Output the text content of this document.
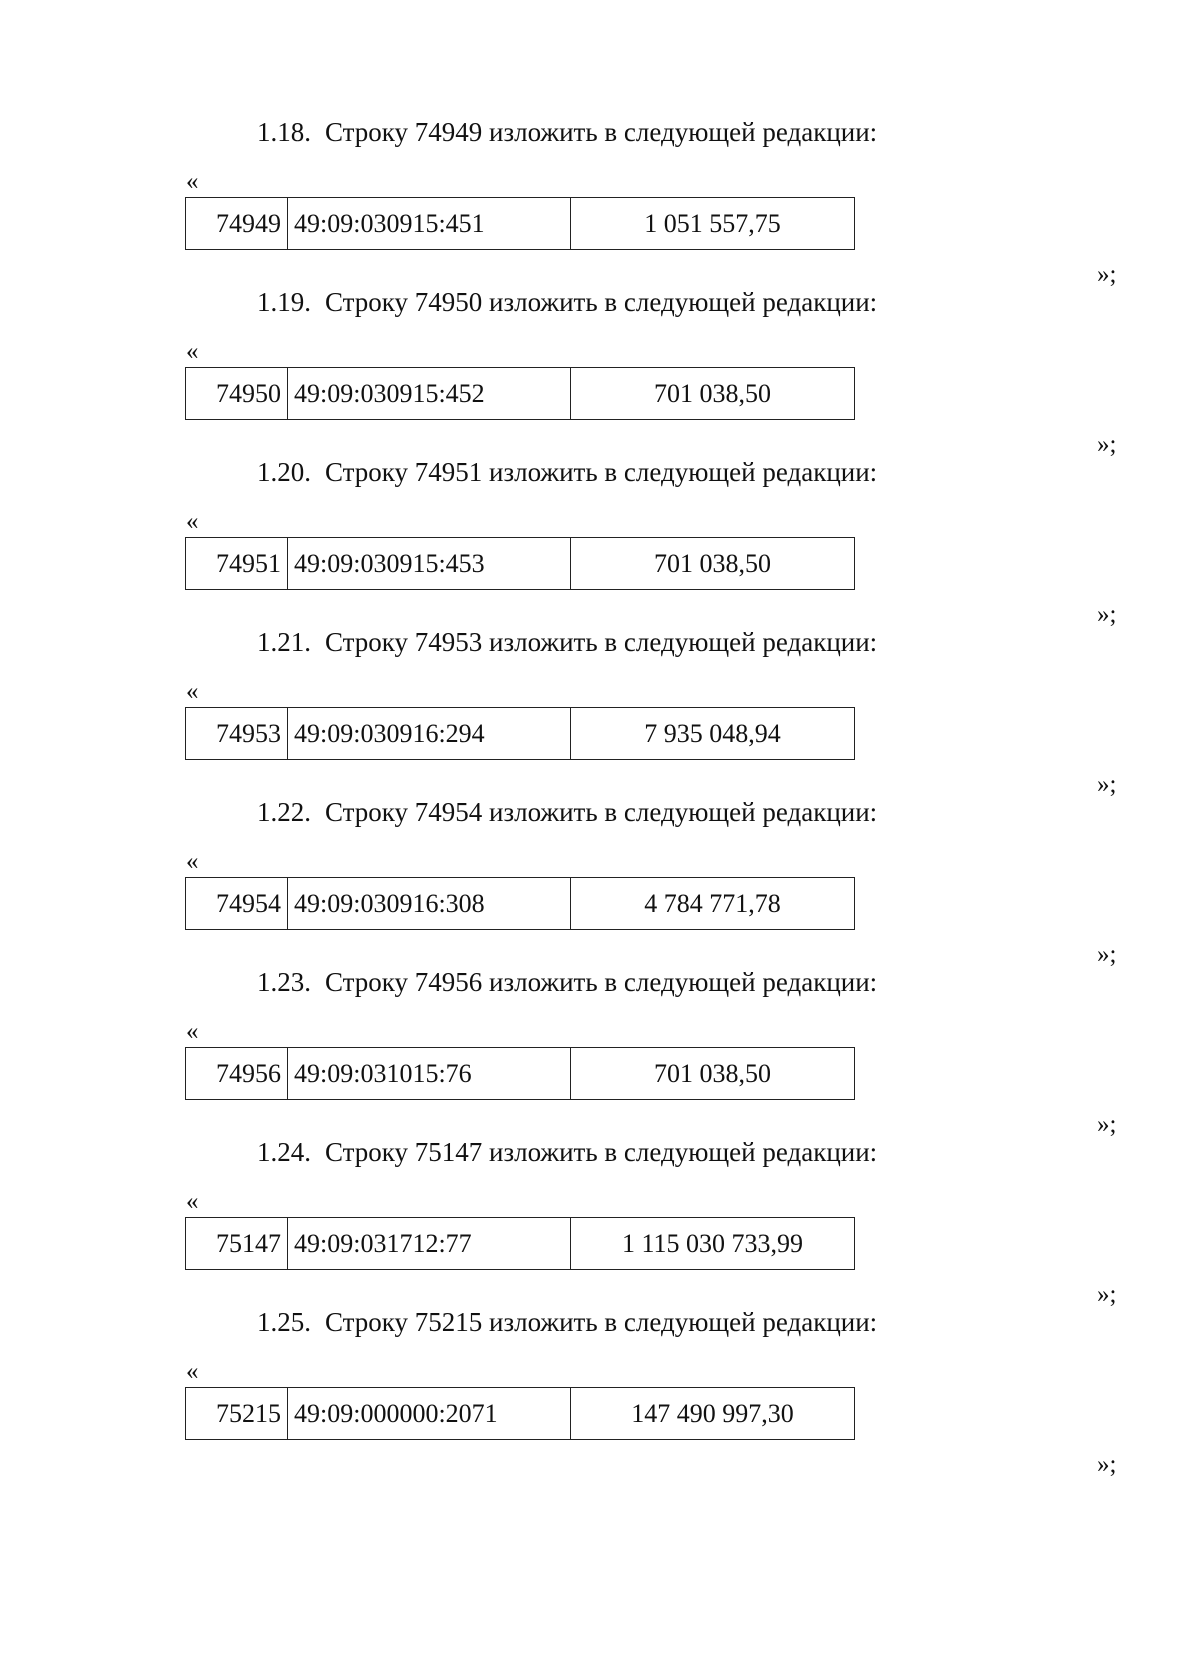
1.18. Строку 74949 изложить в следующей редакции:
«
74949	49:09:030915:451	1 051 557,75
»;
1.19. Строку 74950 изложить в следующей редакции:
«
74950	49:09:030915:452	701 038,50
»;
1.20. Строку 74951 изложить в следующей редакции:
«
74951	49:09:030915:453	701 038,50
»;
1.21. Строку 74953 изложить в следующей редакции:
«
74953	49:09:030916:294	7 935 048,94
»;
1.22. Строку 74954 изложить в следующей редакции:
«
74954	49:09:030916:308	4 784 771,78
»;
1.23. Строку 74956 изложить в следующей редакции:
«
74956	49:09:031015:76	701 038,50
»;
1.24. Строку 75147 изложить в следующей редакции:
«
75147	49:09:031712:77	1 115 030 733,99
»;
1.25. Строку 75215 изложить в следующей редакции:
«
75215	49:09:000000:2071	147 490 997,30
»;
